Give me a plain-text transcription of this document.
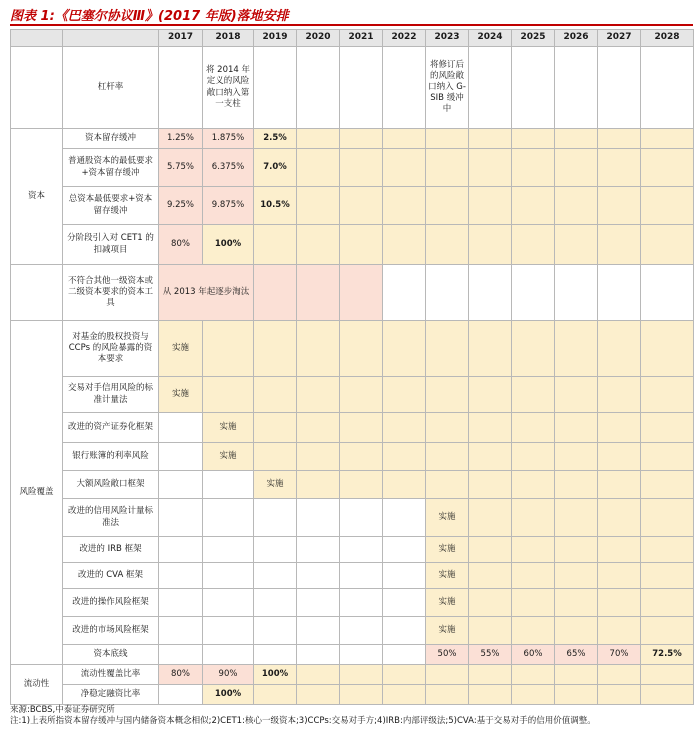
图表 1:《巴塞尔协议Ⅲ》(2017 年版)落地安排
		2017	2018	2019	2020	2021	2022	2023	2024	2025	2026	2027	2028
	杠杆率		将 2014 年定义的风险敞口纳入第一支柱					将修订后的风险敞口纳入 G-SIB 缓冲中					
资本	资本留存缓冲	1.25%	1.875%	2.5%									
	普通股资本的最低要求+资本留存缓冲	5.75%	6.375%	7.0%									
	总资本最低要求+资本留存缓冲	9.25%	9.875%	10.5%									
	分阶段引入对 CET1 的扣减项目	80%	100%										
	不符合其他一级资本或二级资本要求的资本工具	从 2013 年起逐步淘汰											
风险覆盖	对基金的股权投资与 CCPs 的风险暴露的资本要求	实施											
	交易对手信用风险的标准计量法	实施											
	改进的资产证券化框架		实施										
	银行账簿的利率风险		实施										
	大额风险敞口框架			实施									
	改进的信用风险计量标准法							实施					
	改进的 IRB 框架							实施					
	改进的 CVA 框架							实施					
	改进的操作风险框架							实施					
	改进的市场风险框架							实施					
	资本底线							50%	55%	60%	65%	70%	72.5%
流动性	流动性覆盖比率	80%	90%	100%									
	净稳定融资比率		100%										
来源:BCBS,中泰证券研究所
注:1)上表所指资本留存缓冲与国内储备资本概念相似;2)CET1:核心一级资本;3)CCPs:交易对手方;4)IRB:内部评级法;5)CVA:基于交易对手的信用价值调整。
